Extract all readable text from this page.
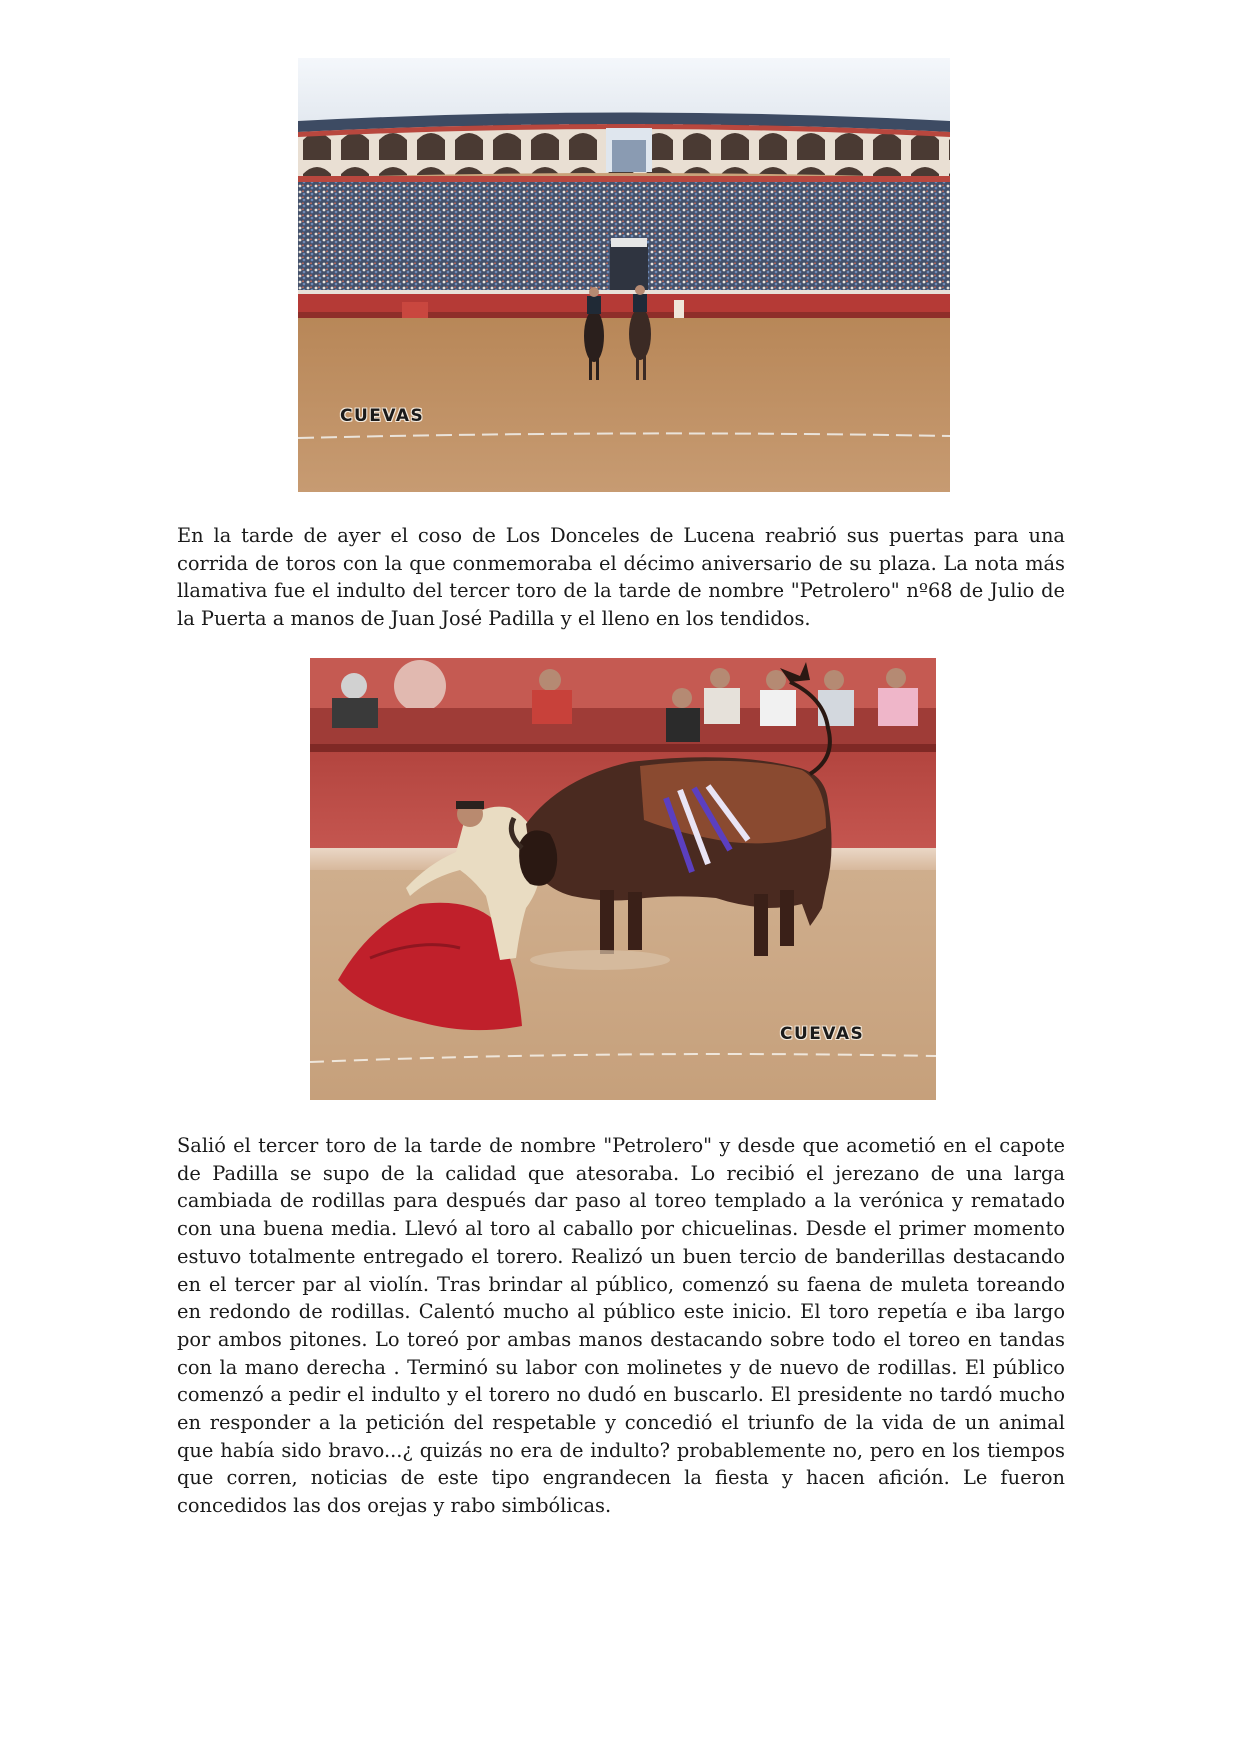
CUEVAS

En la tarde de ayer el coso de Los Donceles de Lucena reabrió sus puertas para una corrida de toros con la que conmemoraba el décimo aniversario de su plaza. La nota más llamativa fue el indulto del tercer toro de la tarde de nombre "Petrolero" nº68 de Julio de la Puerta a manos de Juan José Padilla y el lleno en los tendidos.

CUEVAS

Salió el tercer toro de la tarde de nombre "Petrolero" y desde que acometió en el capote de Padilla se supo de la calidad que atesoraba. Lo recibió el jerezano de una larga cambiada de rodillas para después dar paso al toreo templado a la verónica y rematado con una buena media. Llevó al toro al caballo por chicuelinas. Desde el primer momento estuvo totalmente entregado el torero. Realizó un buen tercio de banderillas destacando en el tercer par al violín. Tras brindar al público, comenzó su faena de muleta toreando en redondo de rodillas. Calentó mucho al público este inicio. El toro repetía e iba largo por ambos pitones. Lo toreó por ambas manos destacando sobre todo el toreo en tandas con la mano derecha . Terminó su labor con molinetes y de nuevo de rodillas. El público comenzó a pedir el indulto y el torero no dudó en buscarlo. El presidente no tardó mucho en responder a la petición del respetable y concedió el triunfo de la vida de un animal que había sido bravo...¿ quizás no era de indulto? probablemente no, pero en los tiempos que corren, noticias de este tipo engrandecen la fiesta y hacen afición. Le fueron concedidos las dos orejas y rabo simbólicas.
